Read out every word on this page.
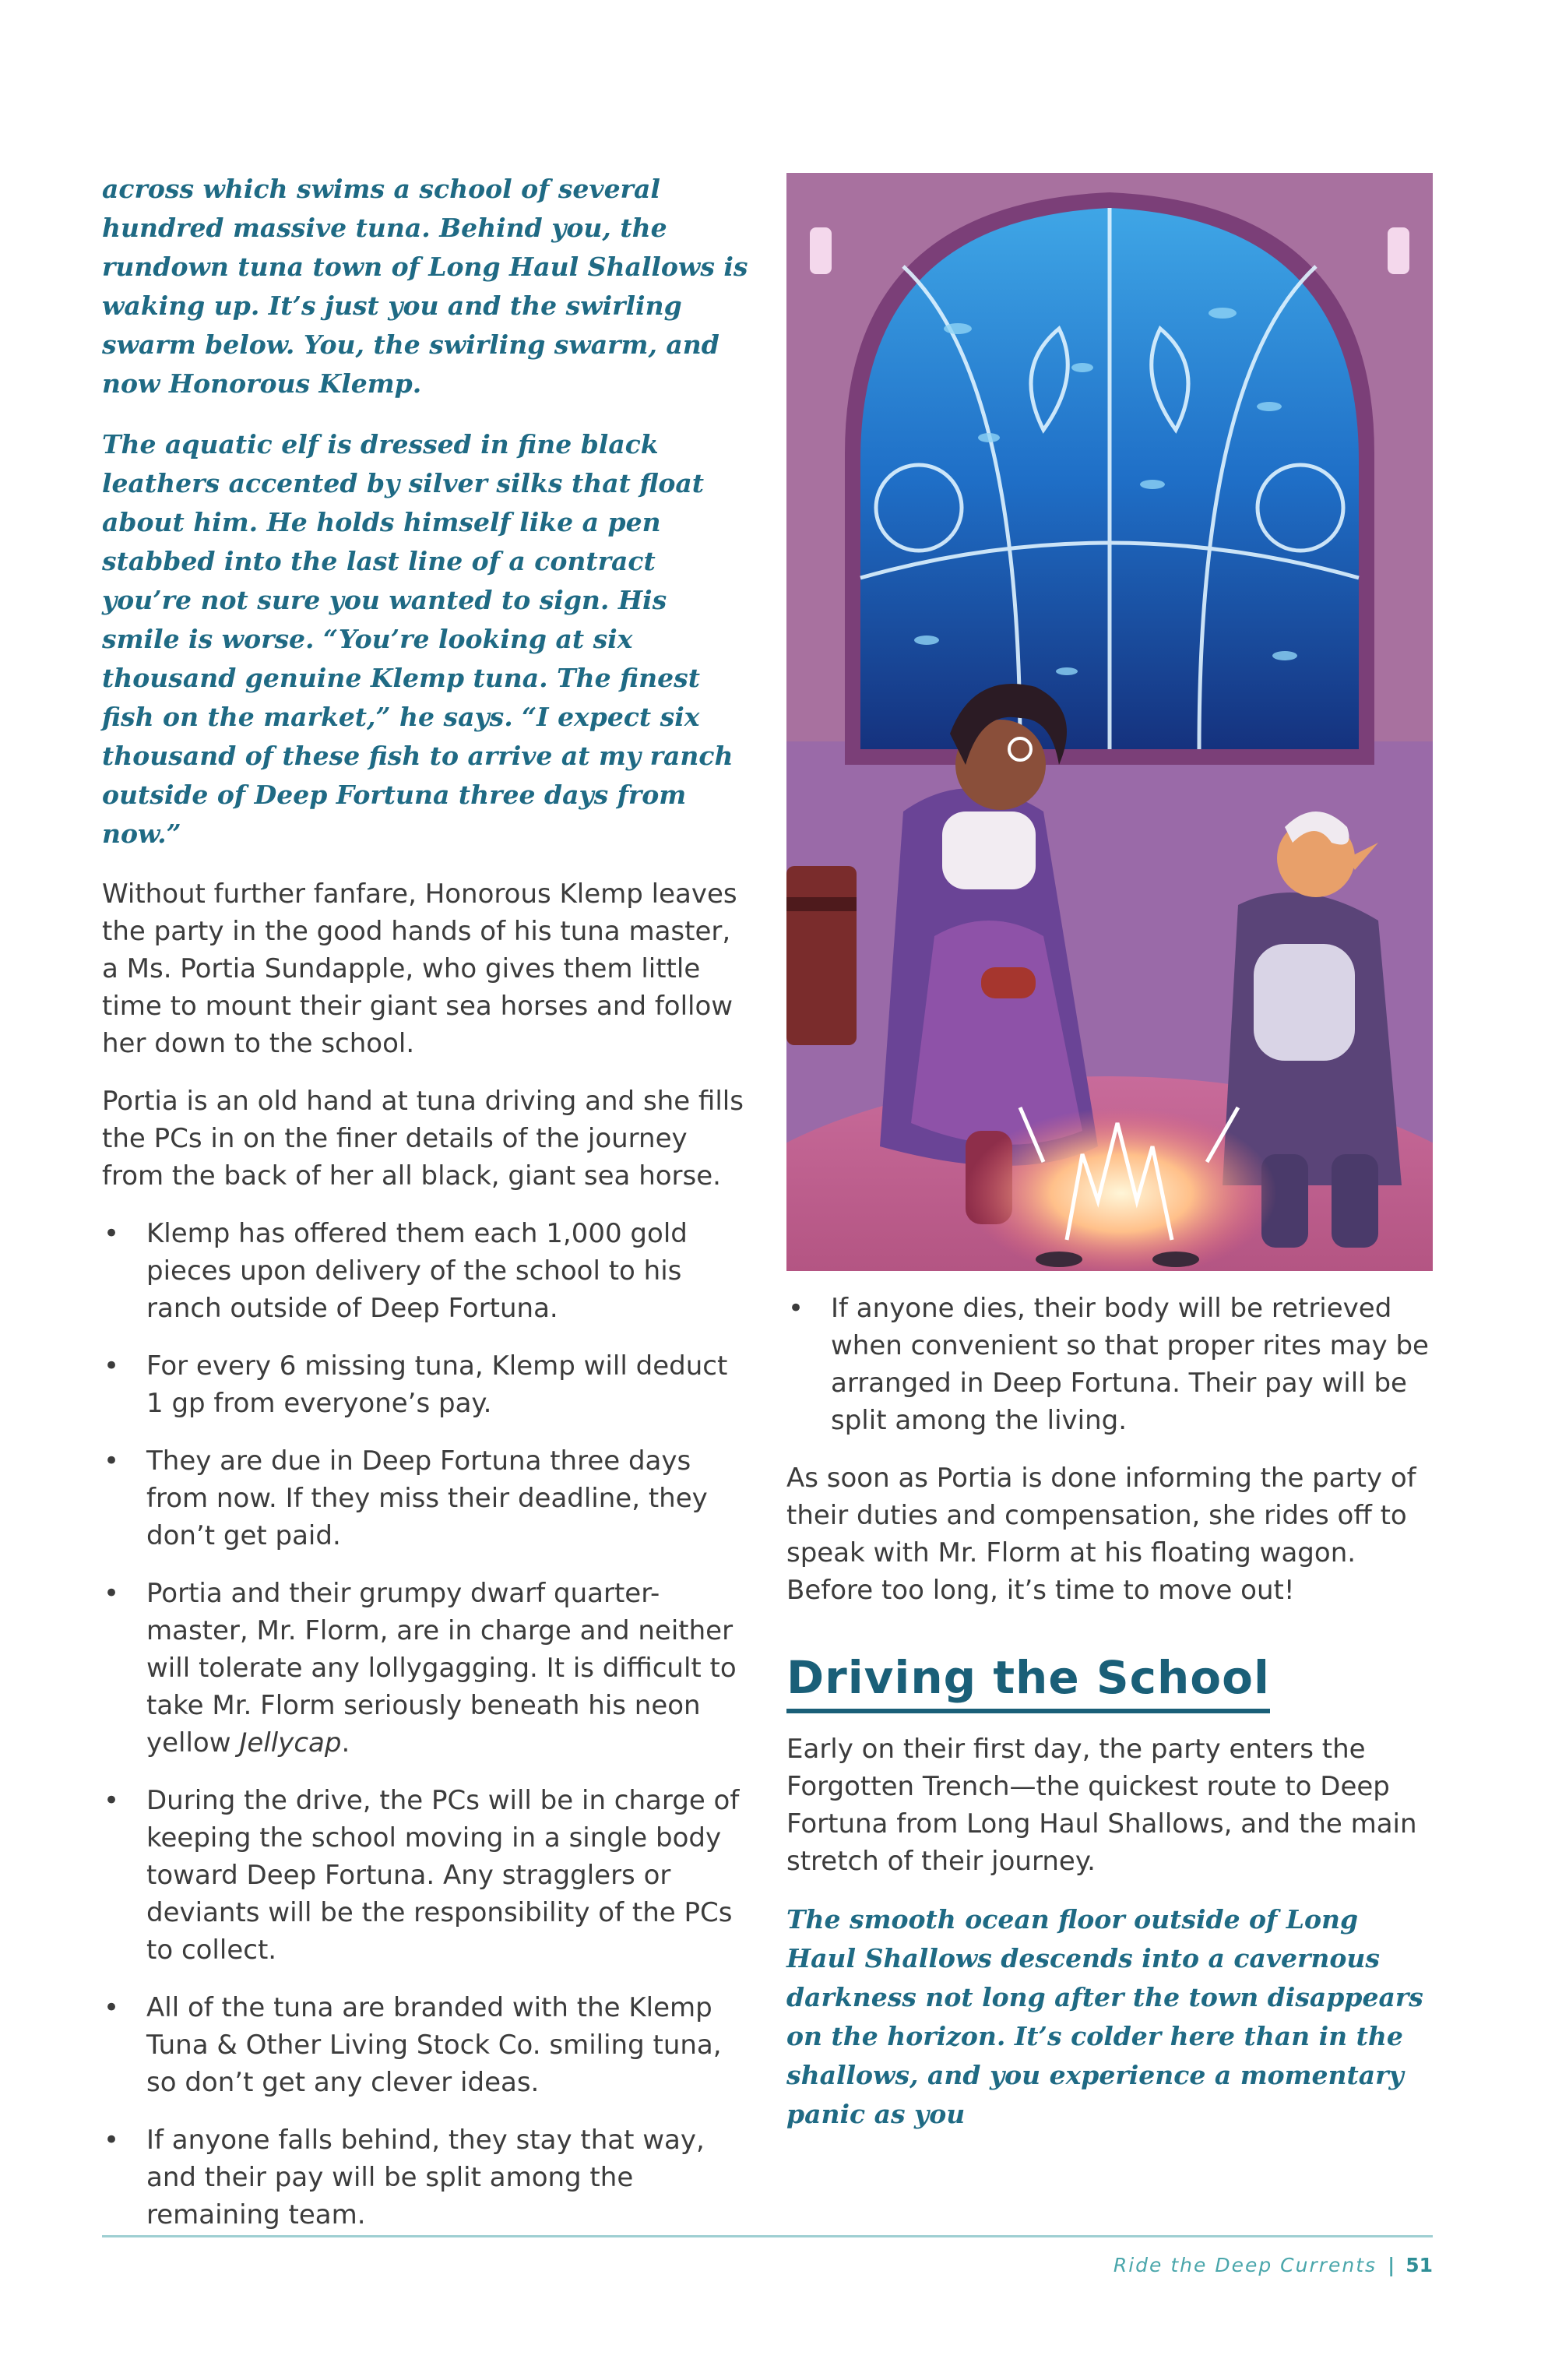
across which swims a school of several hundred massive tuna. Behind you, the rundown tuna town of Long Haul Shallows is waking up. It’s just you and the swirling swarm below. You, the swirling swarm, and now Honorous Klemp.

The aquatic elf is dressed in fine black leathers accented by silver silks that float about him. He holds himself like a pen stabbed into the last line of a contract you’re not sure you wanted to sign. His smile is worse. “You’re looking at six thousand genuine Klemp tuna. The finest fish on the market,” he says. “I expect six thousand of these fish to arrive at my ranch outside of Deep Fortuna three days from now.”

Without further fanfare, Honorous Klemp leaves the party in the good hands of his tuna master, a Ms. Portia Sundapple, who gives them little time to mount their giant sea horses and follow her down to the school.

Portia is an old hand at tuna driving and she fills the PCs in on the finer details of the journey from the back of her all black, giant sea horse.

• Klemp has offered them each 1,000 gold pieces upon delivery of the school to his ranch outside of Deep Fortuna.
• For every 6 missing tuna, Klemp will deduct 1 gp from everyone’s pay.
• They are due in Deep Fortuna three days from now. If they miss their deadline, they don’t get paid.
• Portia and their grumpy dwarf quarter-master, Mr. Florm, are in charge and neither will tolerate any lollygagging. It is difficult to take Mr. Florm seriously beneath his neon yellow Jellycap.
• During the drive, the PCs will be in charge of keeping the school moving in a single body toward Deep Fortuna. Any stragglers or deviants will be the responsibility of the PCs to collect.
• All of the tuna are branded with the Klemp Tuna & Other Living Stock Co. smiling tuna, so don’t get any clever ideas.
• If anyone falls behind, they stay that way, and their pay will be split among the remaining team.
• If anyone dies, their body will be retrieved when convenient so that proper rites may be arranged in Deep Fortuna. Their pay will be split among the living.

As soon as Portia is done informing the party of their duties and compensation, she rides off to speak with Mr. Florm at his floating wagon. Before too long, it’s time to move out!

Driving the School

Early on their first day, the party enters the Forgotten Trench—the quickest route to Deep Fortuna from Long Haul Shallows, and the main stretch of their journey.

The smooth ocean floor outside of Long Haul Shallows descends into a cavernous darkness not long after the town disappears on the horizon. It’s colder here than in the shallows, and you experience a momentary panic as you

Ride the Deep Currents | 51
